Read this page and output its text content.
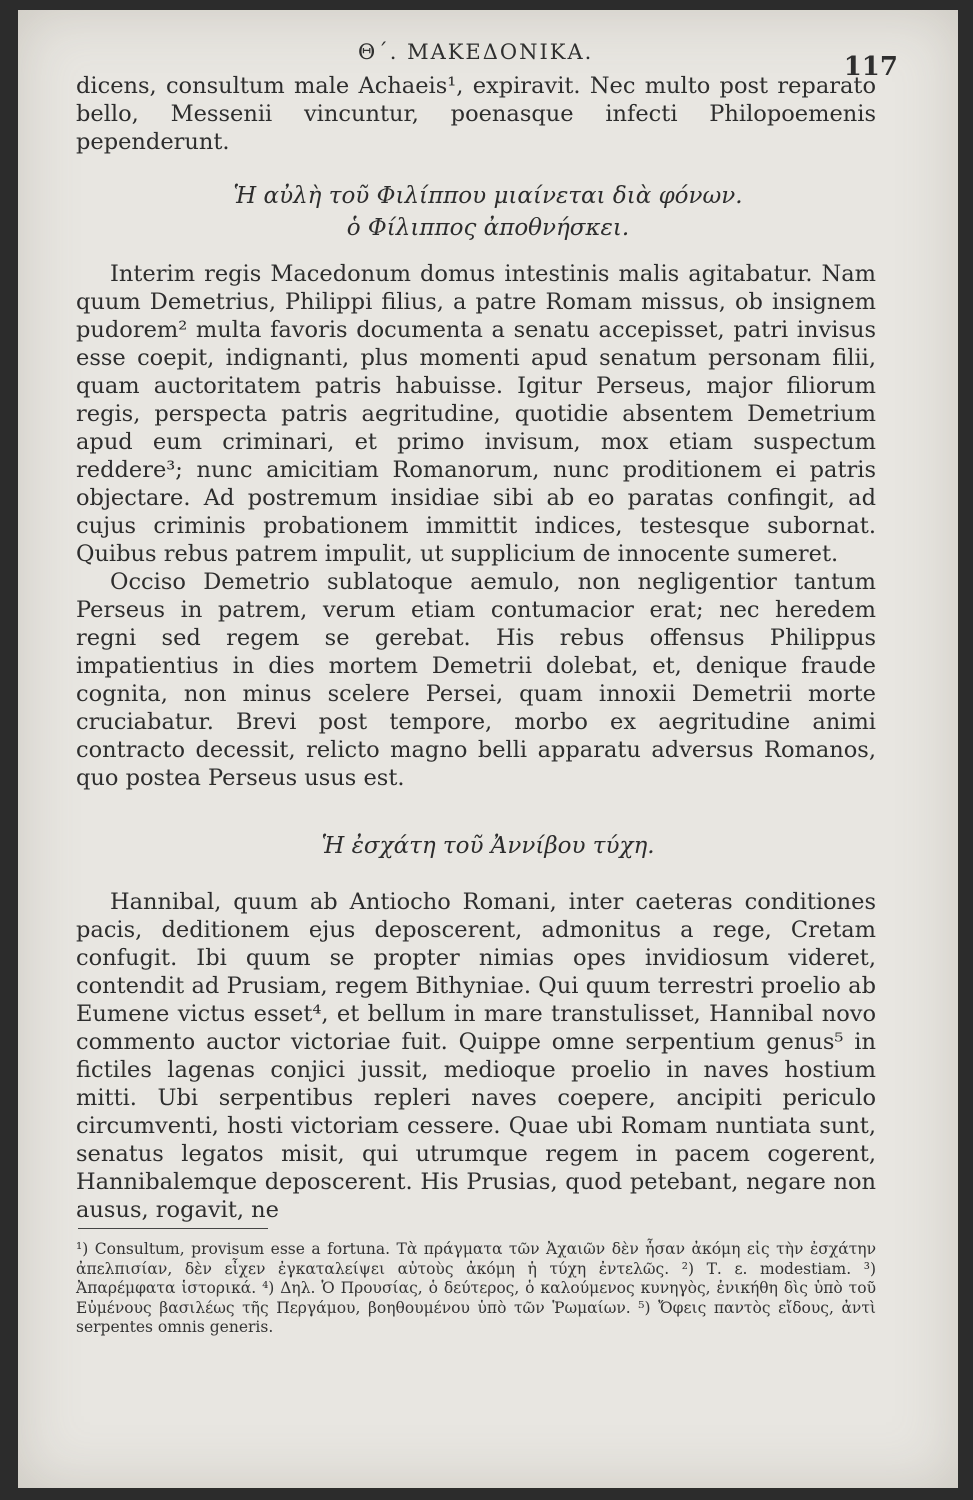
Θ΄. ΜΑΚΕΔΟΝΙΚΑ.	117

dicens, consultum male Achaeis¹, expiravit. Nec multo post reparato bello, Messenii vincuntur, poenasque infecti Philopoemenis pependerunt.

Ἡ αὐλὴ τοῦ Φιλίππου μιαίνεται διὰ φόνων.
ὁ Φίλιππος ἀποθνήσκει.

Interim regis Macedonum domus intestinis malis agitabatur. Nam quum Demetrius, Philippi filius, a patre Romam missus, ob insignem pudorem² multa favoris documenta a senatu accepisset, patri invisus esse coepit, indignanti, plus momenti apud senatum personam filii, quam auctoritatem patris habuisse. Igitur Perseus, major filiorum regis, perspecta patris aegritudine, quotidie absentem Demetrium apud eum criminari, et primo invisum, mox etiam suspectum reddere³; nunc amicitiam Romanorum, nunc proditionem ei patris objectare. Ad postremum insidiae sibi ab eo paratas confingit, ad cujus criminis probationem immittit indices, testesque subornat. Quibus rebus patrem impulit, ut supplicium de innocente sumeret.

Occiso Demetrio sublatoque aemulo, non negligentior tantum Perseus in patrem, verum etiam contumacior erat; nec heredem regni sed regem se gerebat. His rebus offensus Philippus impatientius in dies mortem Demetrii dolebat, et, denique fraude cognita, non minus scelere Persei, quam innoxii Demetrii morte cruciabatur. Brevi post tempore, morbo ex aegritudine animi contracto decessit, relicto magno belli apparatu adversus Romanos, quo postea Perseus usus est.

Ἡ ἐσχάτη τοῦ Ἀννίβου τύχη.

Hannibal, quum ab Antiocho Romani, inter caeteras conditiones pacis, deditionem ejus deposcerent, admonitus a rege, Cretam confugit. Ibi quum se propter nimias opes invidiosum videret, contendit ad Prusiam, regem Bithyniae. Qui quum terrestri proelio ab Eumene victus esset⁴, et bellum in mare transtulisset, Hannibal novo commento auctor victoriae fuit. Quippe omne serpentium genus⁵ in fictiles lagenas conjici jussit, medioque proelio in naves hostium mitti. Ubi serpentibus repleri naves coepere, ancipiti periculo circumventi, hosti victoriam cessere. Quae ubi Romam nuntiata sunt, senatus legatos misit, qui utrumque regem in pacem cogerent, Hannibalemque deposcerent. His Prusias, quod petebant, negare non ausus, rogavit, ne

¹) Consultum, provisum esse a fortuna. Τὰ πράγματα τῶν Ἀχαιῶν δὲν ἦσαν ἀκόμη εἰς τὴν ἐσχάτην ἀπελπισίαν, δὲν εἶχεν ἐγκαταλείψει αὐτοὺς ἀκόμη ἡ τύχη ἐντελῶς. ²) Τ. ε. modestiam. ³) Ἀπαρέμφατα ἱστορικά. ⁴) Δηλ. Ὁ Προυσίας, ὁ δεύτερος, ὁ καλούμενος κυνηγὸς, ἐνικήθη δὶς ὑπὸ τοῦ Εὐμένους βασιλέως τῆς Περγάμου, βοηθουμένου ὑπὸ τῶν Ῥωμαίων. ⁵) Ὄφεις παντὸς εἴδους, ἀντὶ serpentes omnis generis.
